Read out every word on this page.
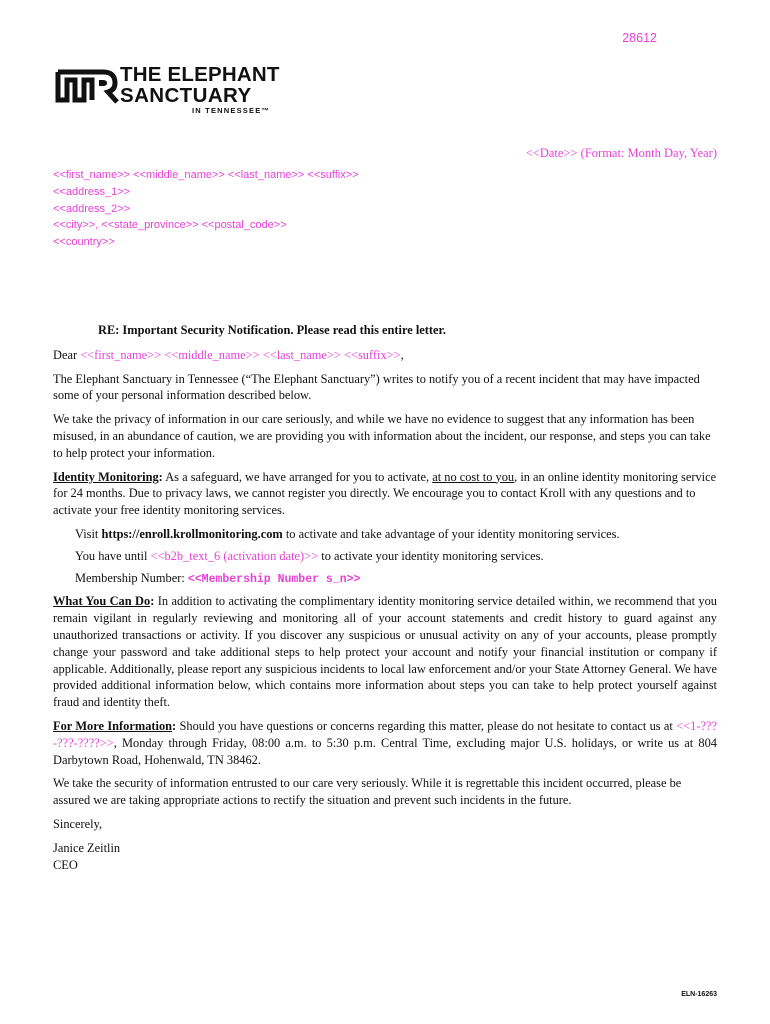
28612
THE ELEPHANT
SANCTUARY
IN TENNESSEE™
<<Date>> (Format: Month Day, Year)
<<first_name>> <<middle_name>> <<last_name>> <<suffix>>
<<address_1>>
<<address_2>>
<<city>>, <<state_province>> <<postal_code>>
<<country>>
RE: Important Security Notification. Please read this entire letter.

Dear <<first_name>> <<middle_name>> <<last_name>> <<suffix>>,

The Elephant Sanctuary in Tennessee (“The Elephant Sanctuary”) writes to notify you of a recent incident that may have impacted some of your personal information described below.

We take the privacy of information in our care seriously, and while we have no evidence to suggest that any information has been misused, in an abundance of caution, we are providing you with information about the incident, our response, and steps you can take to help protect your information.

Identity Monitoring: As a safeguard, we have arranged for you to activate, at no cost to you, in an online identity monitoring service for 24 months. Due to privacy laws, we cannot register you directly. We encourage you to contact Kroll with any questions and to activate your free identity monitoring services.

Visit https://enroll.krollmonitoring.com to activate and take advantage of your identity monitoring services.

You have until <<b2b_text_6 (activation date)>> to activate your identity monitoring services.

Membership Number: <<Membership Number s_n>>

What You Can Do: In addition to activating the complimentary identity monitoring service detailed within, we recommend that you remain vigilant in regularly reviewing and monitoring all of your account statements and credit history to guard against any unauthorized transactions or activity. If you discover any suspicious or unusual activity on any of your accounts, please promptly change your password and take additional steps to help protect your account and notify your financial institution or company if applicable. Additionally, please report any suspicious incidents to local law enforcement and/or your State Attorney General. We have provided additional information below, which contains more information about steps you can take to help protect yourself against fraud and identity theft.

For More Information: Should you have questions or concerns regarding this matter, please do not hesitate to contact us at <<1-???-???-????>>, Monday through Friday, 08:00 a.m. to 5:30 p.m. Central Time, excluding major U.S. holidays, or write us at 804 Darbytown Road, Hohenwald, TN 38462.

We take the security of information entrusted to our care very seriously. While it is regrettable this incident occurred, please be assured we are taking appropriate actions to rectify the situation and prevent such incidents in the future.

Sincerely,

Janice Zeitlin

CEO

ELN-16263
